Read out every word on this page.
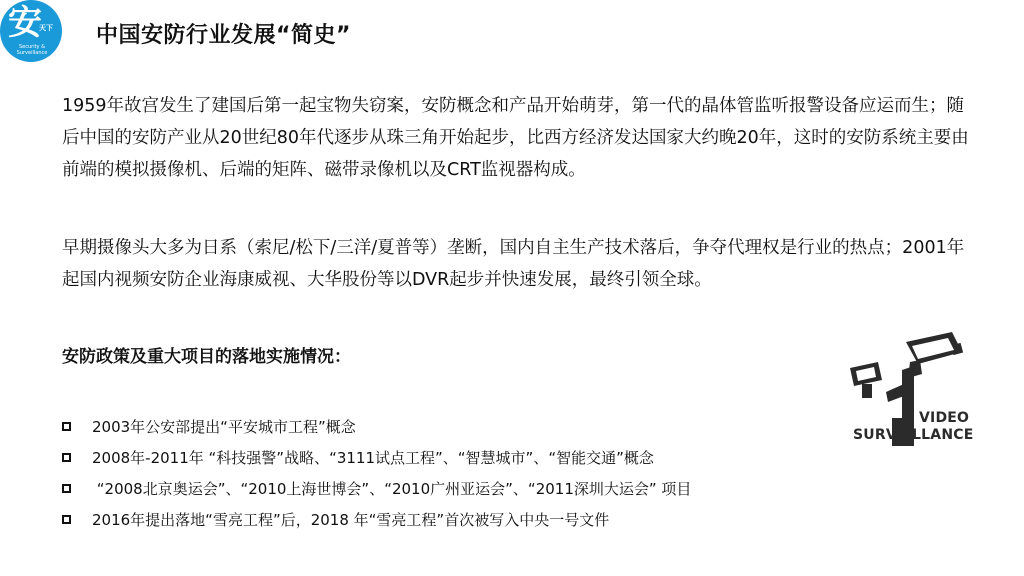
安
天下
Security & Surveillance
中国安防行业发展“简史”

1959年故宫发生了建国后第一起宝物失窃案，安防概念和产品开始萌芽，第一代的晶体管监听报警设备应运而生；随后中国的安防产业从20世纪80年代逐步从珠三角开始起步，比西方经济发达国家大约晚20年，这时的安防系统主要由前端的模拟摄像机、后端的矩阵、磁带录像机以及CRT监视器构成。

早期摄像头大多为日系（索尼/松下/三洋/夏普等）垄断，国内自主生产技术落后，争夺代理权是行业的热点；2001年起国内视频安防企业海康威视、大华股份等以DVR起步并快速发展，最终引领全球。

安防政策及重大项目的落地实施情况：
2003年公安部提出“平安城市工程”概念
2008年-2011年 “科技强警”战略、“3111试点工程”、“智慧城市”、“智能交通”概念
“2008北京奥运会”、“2010上海世博会”、“2010广州亚运会”、“2011深圳大运会” 项目
2016年提出落地“雪亮工程”后，2018 年“雪亮工程”首次被写入中央一号文件
VIDEO
SURVEILLANCE
